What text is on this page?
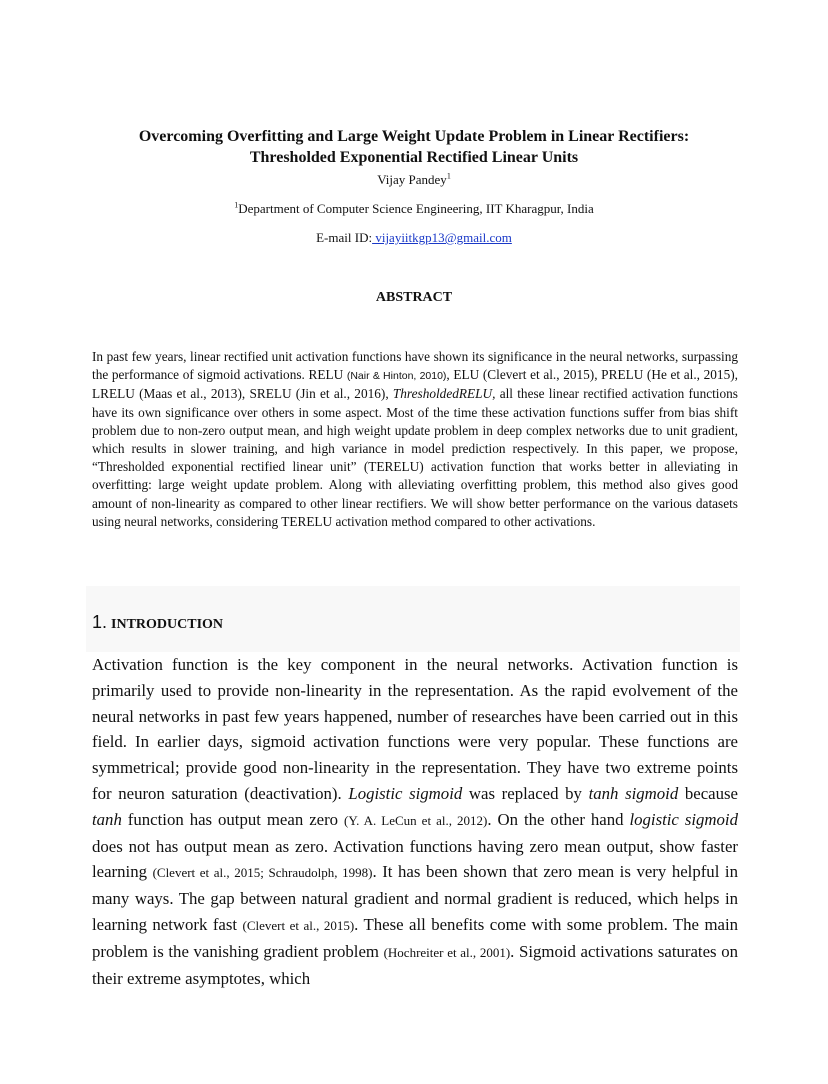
Overcoming Overfitting and Large Weight Update Problem in Linear Rectifiers:
Thresholded Exponential Rectified Linear Units
Vijay Pandey$^1$
$^1$Department of Computer Science Engineering, IIT Kharagpur, India
E-mail ID: vijayiitkgp13@gmail.com
ABSTRACT
In past few years, linear rectified unit activation functions have shown its significance in the neural networks, surpassing the performance of sigmoid activations. RELU (Nair & Hinton, 2010), ELU (Clevert et al., 2015), PRELU (He et al., 2015), LRELU (Maas et al., 2013), SRELU (Jin et al., 2016), ThresholdedRELU, all these linear rectified activation functions have its own significance over others in some aspect. Most of the time these activation functions suffer from bias shift problem due to non-zero output mean, and high weight update problem in deep complex networks due to unit gradient, which results in slower training, and high variance in model prediction respectively. In this paper, we propose, “Thresholded exponential rectified linear unit” (TERELU) activation function that works better in alleviating in overfitting: large weight update problem. Along with alleviating overfitting problem, this method also gives good amount of non-linearity as compared to other linear rectifiers. We will show better performance on the various datasets using neural networks, considering TERELU activation method compared to other activations.
1. INTRODUCTION
Activation function is the key component in the neural networks. Activation function is primarily used to provide non-linearity in the representation. As the rapid evolvement of the neural networks in past few years happened, number of researches have been carried out in this field. In earlier days, sigmoid activation functions were very popular. These functions are symmetrical; provide good non-linearity in the representation. They have two extreme points for neuron saturation (deactivation). Logistic sigmoid was replaced by tanh sigmoid because tanh function has output mean zero (Y. A. LeCun et al., 2012). On the other hand logistic sigmoid does not has output mean as zero. Activation functions having zero mean output, show faster learning (Clevert et al., 2015; Schraudolph, 1998). It has been shown that zero mean is very helpful in many ways. The gap between natural gradient and normal gradient is reduced, which helps in learning network fast (Clevert et al., 2015). These all benefits come with some problem. The main problem is the vanishing gradient problem (Hochreiter et al., 2001). Sigmoid activations saturates on their extreme asymptotes, which
